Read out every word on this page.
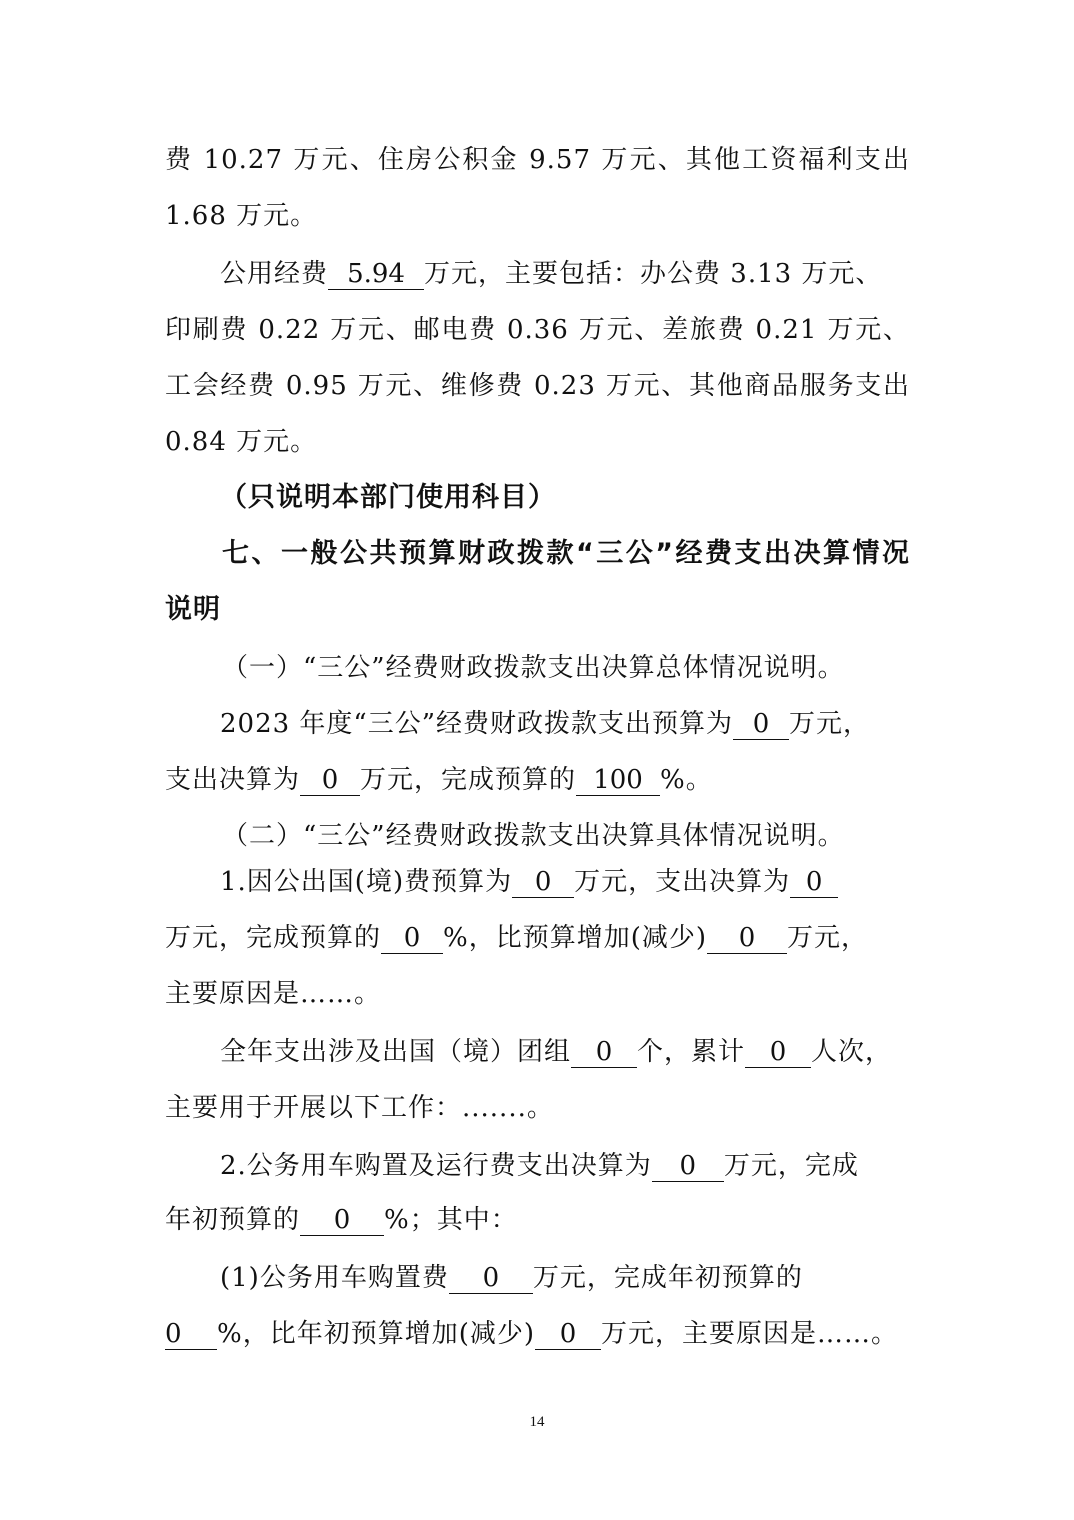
费 10.27 万元、住房公积金 9.57 万元、其他工资福利支出
1.68 万元。
公用经费 5.94 万元，主要包括：办公费 3.13 万元、
印刷费 0.22 万元、邮电费 0.36 万元、差旅费 0.21 万元、
工会经费 0.95 万元、维修费 0.23 万元、其他商品服务支出
0.84 万元。
（只说明本部门使用科目）
七、一般公共预算财政拨款“三公”经费支出决算情况
说明
（一）“三公”经费财政拨款支出决算总体情况说明。
2023 年度“三公”经费财政拨款支出预算为 0 万元，
支出决算为 0 万元，完成预算的 100 %。
（二）“三公”经费财政拨款支出决算具体情况说明。
1.因公出国(境)费预算为 0 万元，支出决算为 0
万元，完成预算的 0 %，比预算增加(减少) 0 万元，
主要原因是……。
全年支出涉及出国（境）团组 0 个，累计 0 人次，
主要用于开展以下工作：.......。
2.公务用车购置及运行费支出决算为 0 万元，完成
年初预算的 0 %；其中：
(1)公务用车购置费 0 万元，完成年初预算的
0 %，比年初预算增加(减少) 0 万元，主要原因是……。
14
